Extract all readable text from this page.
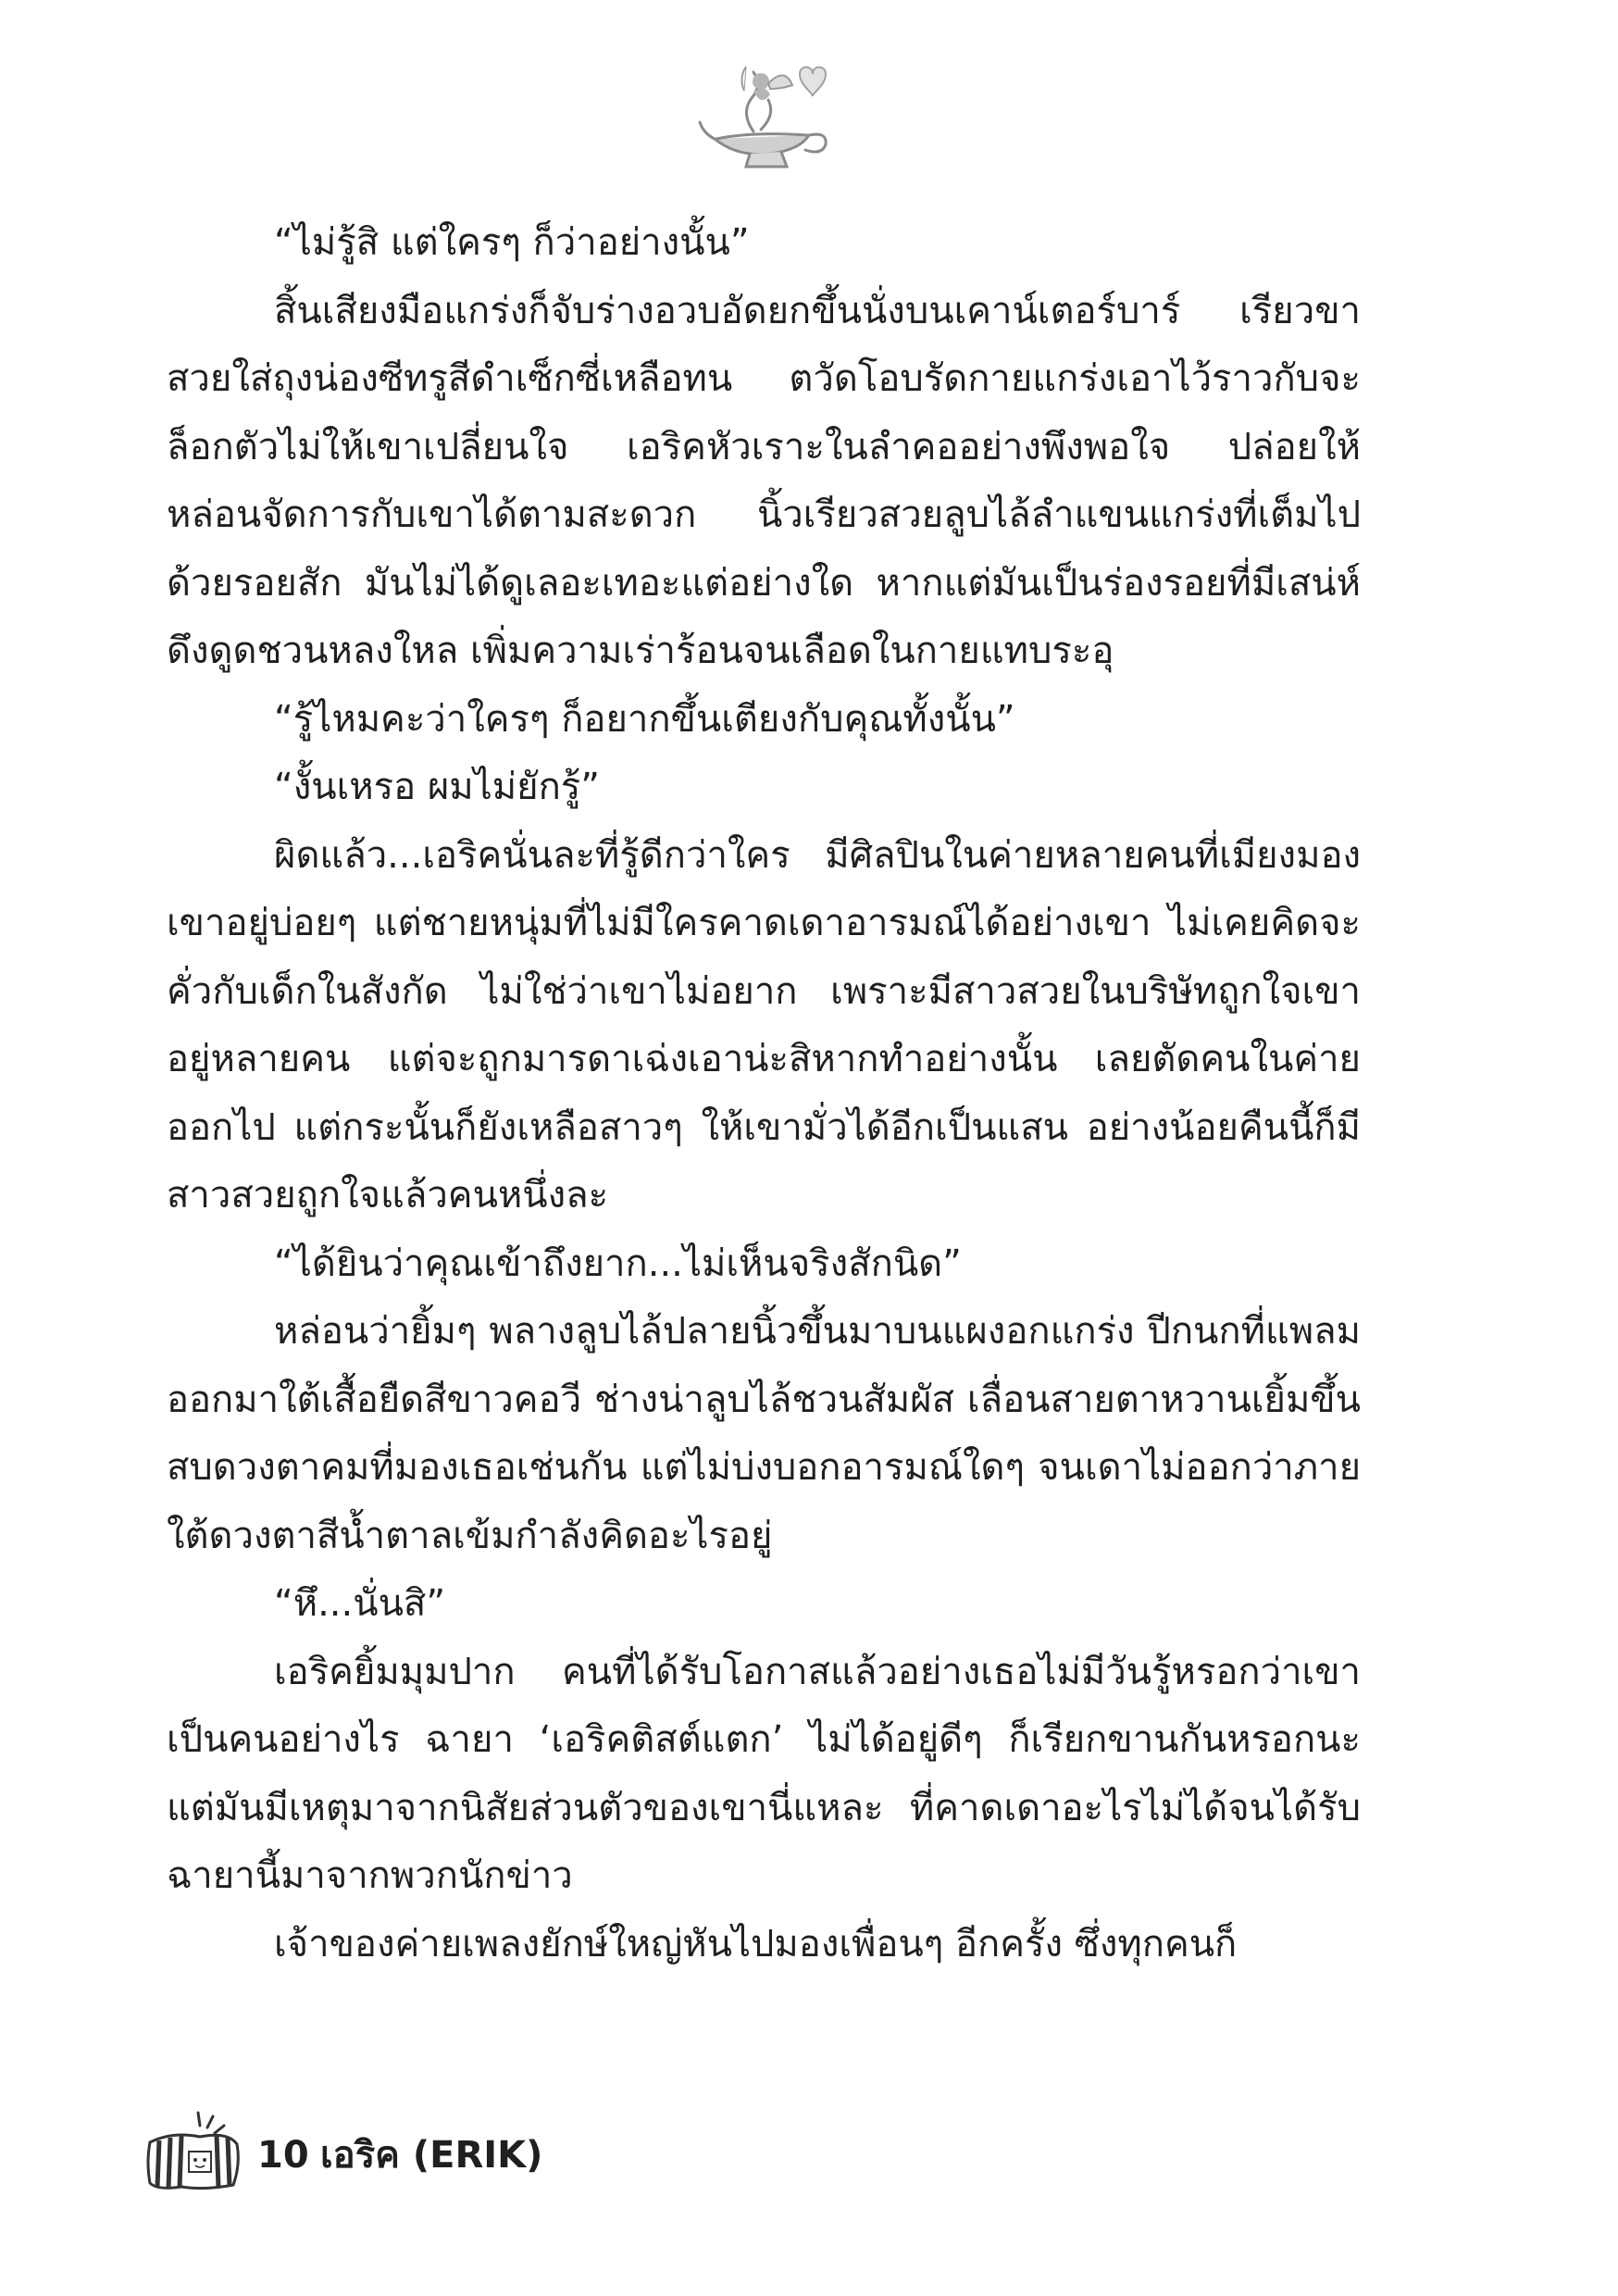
“ไม่รู้สิ แต่ใครๆ ก็ว่าอย่างนั้น”

สิ้นเสียงมือแกร่งก็จับร่างอวบอัดยกขึ้นนั่งบนเคาน์เตอร์บาร์ เรียวขาสวยใส่ถุงน่องซีทรูสีดำเซ็กซี่เหลือทน ตวัดโอบรัดกายแกร่งเอาไว้ราวกับจะล็อกตัวไม่ให้เขาเปลี่ยนใจ เอริคหัวเราะในลำคออย่างพึงพอใจ ปล่อยให้หล่อนจัดการกับเขาได้ตามสะดวก นิ้วเรียวสวยลูบไล้ลำแขนแกร่งที่เต็มไปด้วยรอยสัก มันไม่ได้ดูเลอะเทอะแต่อย่างใด หากแต่มันเป็นร่องรอยที่มีเสน่ห์ดึงดูดชวนหลงใหล เพิ่มความเร่าร้อนจนเลือดในกายแทบระอุ

“รู้ไหมคะว่าใครๆ ก็อยากขึ้นเตียงกับคุณทั้งนั้น”

“งั้นเหรอ ผมไม่ยักรู้”

ผิดแล้ว...เอริคนั่นละที่รู้ดีกว่าใคร มีศิลปินในค่ายหลายคนที่เมียงมองเขาอยู่บ่อยๆ แต่ชายหนุ่มที่ไม่มีใครคาดเดาอารมณ์ได้อย่างเขา ไม่เคยคิดจะคั่วกับเด็กในสังกัด ไม่ใช่ว่าเขาไม่อยาก เพราะมีสาวสวยในบริษัทถูกใจเขาอยู่หลายคน แต่จะถูกมารดาเฉ่งเอาน่ะสิหากทำอย่างนั้น เลยตัดคนในค่ายออกไป แต่กระนั้นก็ยังเหลือสาวๆ ให้เขามั่วได้อีกเป็นแสน อย่างน้อยคืนนี้ก็มีสาวสวยถูกใจแล้วคนหนึ่งละ

“ได้ยินว่าคุณเข้าถึงยาก...ไม่เห็นจริงสักนิด”

หล่อนว่ายิ้มๆ พลางลูบไล้ปลายนิ้วขึ้นมาบนแผงอกแกร่ง ปีกนกที่แพลมออกมาใต้เสื้อยืดสีขาวคอวี ช่างน่าลูบไล้ชวนสัมผัส เลื่อนสายตาหวานเยิ้มขึ้นสบดวงตาคมที่มองเธอเช่นกัน แต่ไม่บ่งบอกอารมณ์ใดๆ จนเดาไม่ออกว่าภายใต้ดวงตาสีน้ำตาลเข้มกำลังคิดอะไรอยู่

“หึ...นั่นสิ”

เอริคยิ้มมุมปาก คนที่ได้รับโอกาสแล้วอย่างเธอไม่มีวันรู้หรอกว่าเขาเป็นคนอย่างไร ฉายา ‘เอริคติสต์แตก’ ไม่ได้อยู่ดีๆ ก็เรียกขานกันหรอกนะ แต่มันมีเหตุมาจากนิสัยส่วนตัวของเขานี่แหละ ที่คาดเดาอะไรไม่ได้จนได้รับฉายานี้มาจากพวกนักข่าว

เจ้าของค่ายเพลงยักษ์ใหญ่หันไปมองเพื่อนๆ อีกครั้ง ซึ่งทุกคนก็

10 เอริค (ERIK)
